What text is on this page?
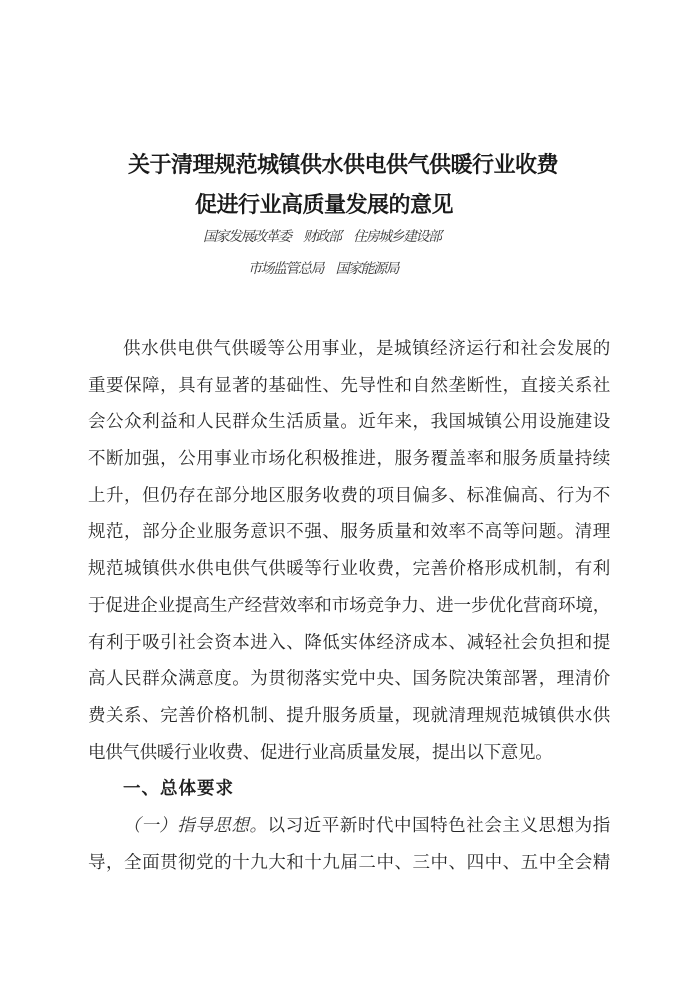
关于清理规范城镇供水供电供气供暖行业收费
促进行业高质量发展的意见
国家发展改革委　财政部　住房城乡建设部
市场监管总局　国家能源局
供水供电供气供暖等公用事业，是城镇经济运行和社会发展的
重要保障，具有显著的基础性、先导性和自然垄断性，直接关系社
会公众利益和人民群众生活质量。近年来，我国城镇公用设施建设
不断加强，公用事业市场化积极推进，服务覆盖率和服务质量持续
上升，但仍存在部分地区服务收费的项目偏多、标准偏高、行为不
规范，部分企业服务意识不强、服务质量和效率不高等问题。清理
规范城镇供水供电供气供暖等行业收费，完善价格形成机制，有利
于促进企业提高生产经营效率和市场竞争力、进一步优化营商环境，
有利于吸引社会资本进入、降低实体经济成本、减轻社会负担和提
高人民群众满意度。为贯彻落实党中央、国务院决策部署，理清价
费关系、完善价格机制、提升服务质量，现就清理规范城镇供水供
电供气供暖行业收费、促进行业高质量发展，提出以下意见。
一、总体要求
（一）指导思想。以习近平新时代中国特色社会主义思想为指
导，全面贯彻党的十九大和十九届二中、三中、四中、五中全会精
